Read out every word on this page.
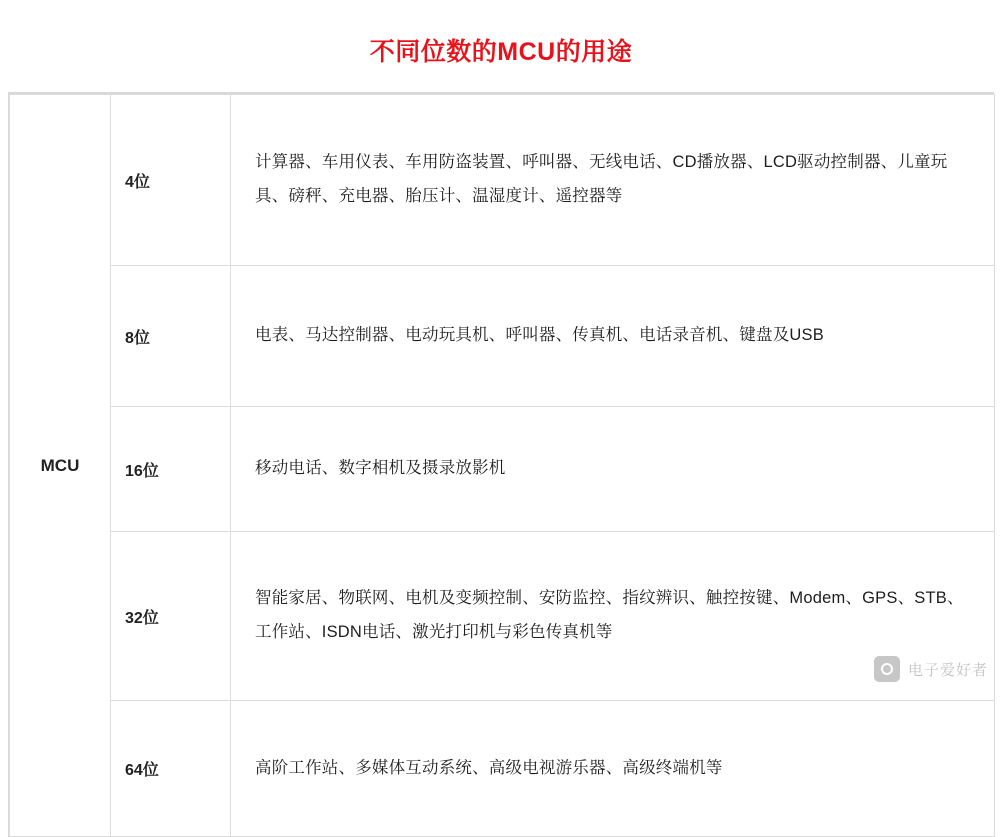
不同位数的MCU的用途
MCU	4位	计算器、车用仪表、车用防盗装置、呼叫器、无线电话、CD播放器、LCD驱动控制器、儿童玩具、磅秤、充电器、胎压计、温湿度计、遥控器等
	8位	电表、马达控制器、电动玩具机、呼叫器、传真机、电话录音机、键盘及USB
	16位	移动电话、数字相机及摄录放影机
	32位	智能家居、物联网、电机及变频控制、安防监控、指纹辨识、触控按键、Modem、GPS、STB、工作站、ISDN电话、激光打印机与彩色传真机等
	64位	高阶工作站、多媒体互动系统、高级电视游乐器、高级终端机等
电子爱好者
